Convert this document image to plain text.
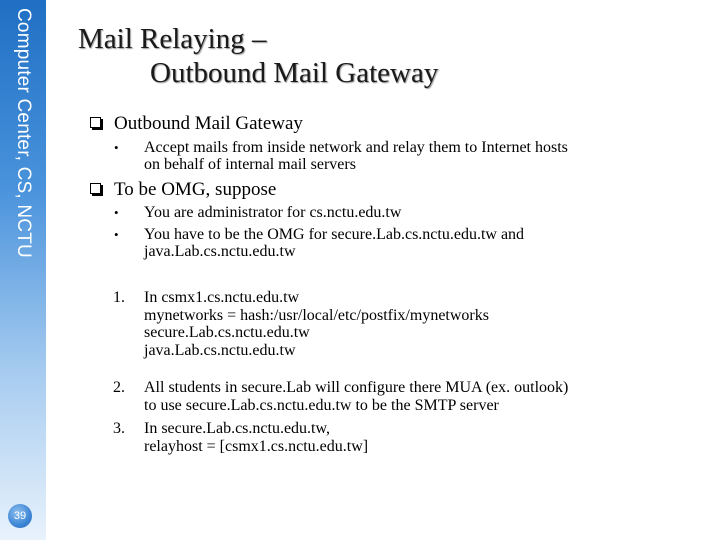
Computer Center, CS, NCTU
39
Mail Relaying –
Outbound Mail Gateway
Outbound Mail Gateway
• Accept mails from inside network and relay them to Internet hosts
on behalf of internal mail servers
To be OMG, suppose
• You are administrator for cs.nctu.edu.tw
• You have to be the OMG for secure.Lab.cs.nctu.edu.tw and
java.Lab.cs.nctu.edu.tw
1. In csmx1.cs.nctu.edu.tw
mynetworks = hash:/usr/local/etc/postfix/mynetworks
secure.Lab.cs.nctu.edu.tw
java.Lab.cs.nctu.edu.tw
2. All students in secure.Lab will configure there MUA (ex. outlook)
to use secure.Lab.cs.nctu.edu.tw to be the SMTP server
3. In secure.Lab.cs.nctu.edu.tw,
relayhost = [csmx1.cs.nctu.edu.tw]
